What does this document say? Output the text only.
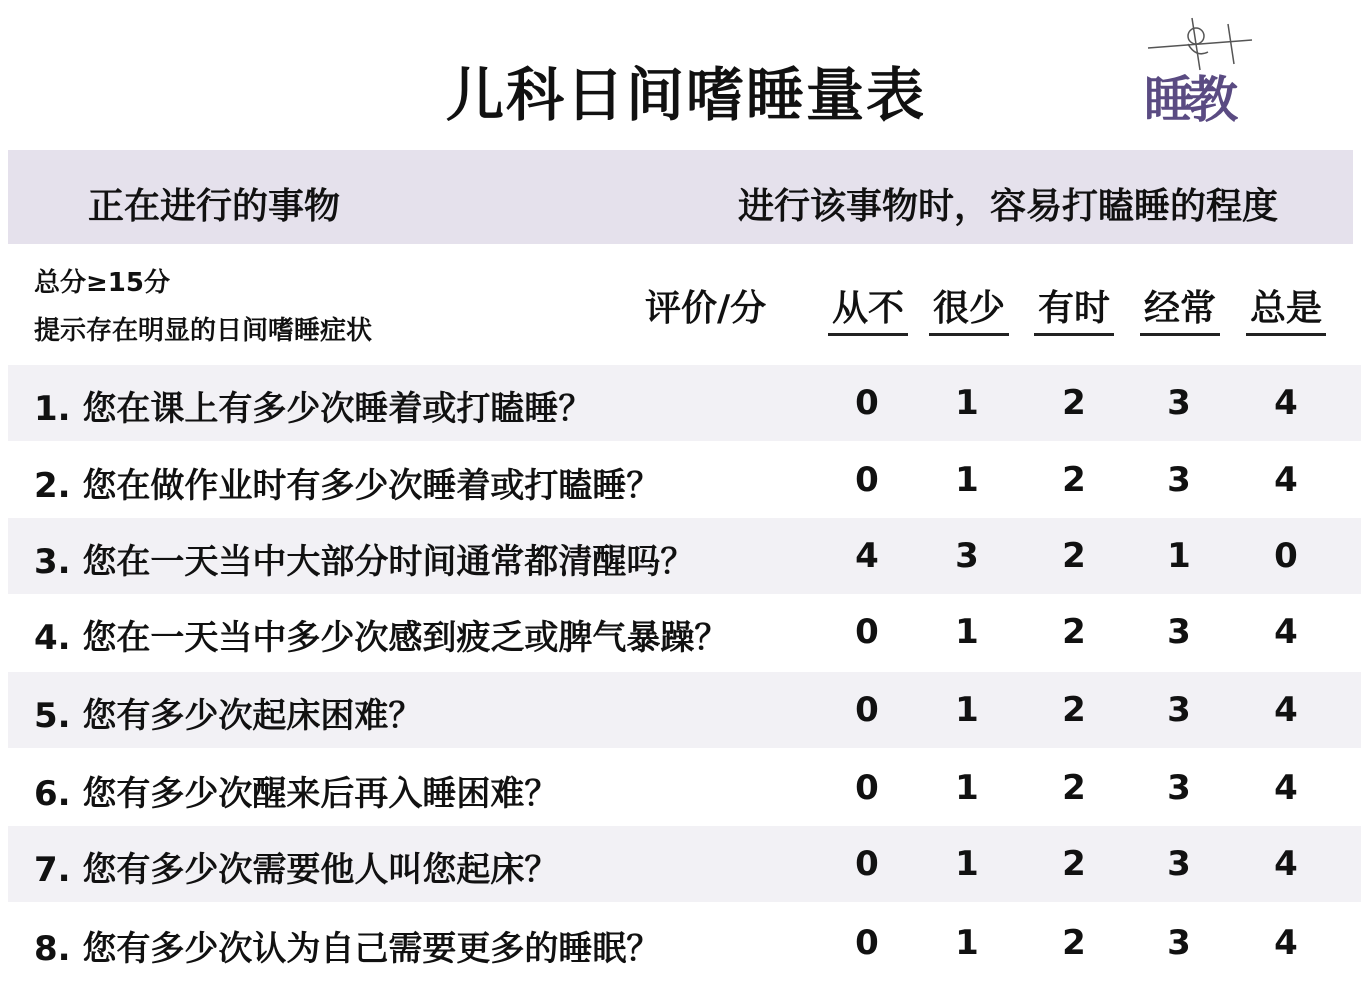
儿科日间嗜睡量表	睡教
正在进行的事物	进行该事物时，容易打瞌睡的程度
总分≥15分
提示存在明显的日间嗜睡症状
评价/分 从不 很少 有时 经常 总是
1. 您在课上有多少次睡着或打瞌睡？	0	1	2	3	4
2. 您在做作业时有多少次睡着或打瞌睡？	0	1	2	3	4
3. 您在一天当中大部分时间通常都清醒吗？	4	3	2	1	0
4. 您在一天当中多少次感到疲乏或脾气暴躁？	0	1	2	3	4
5. 您有多少次起床困难？	0	1	2	3	4
6. 您有多少次醒来后再入睡困难？	0	1	2	3	4
7. 您有多少次需要他人叫您起床？	0	1	2	3	4
8. 您有多少次认为自己需要更多的睡眠？	0	1	2	3	4
